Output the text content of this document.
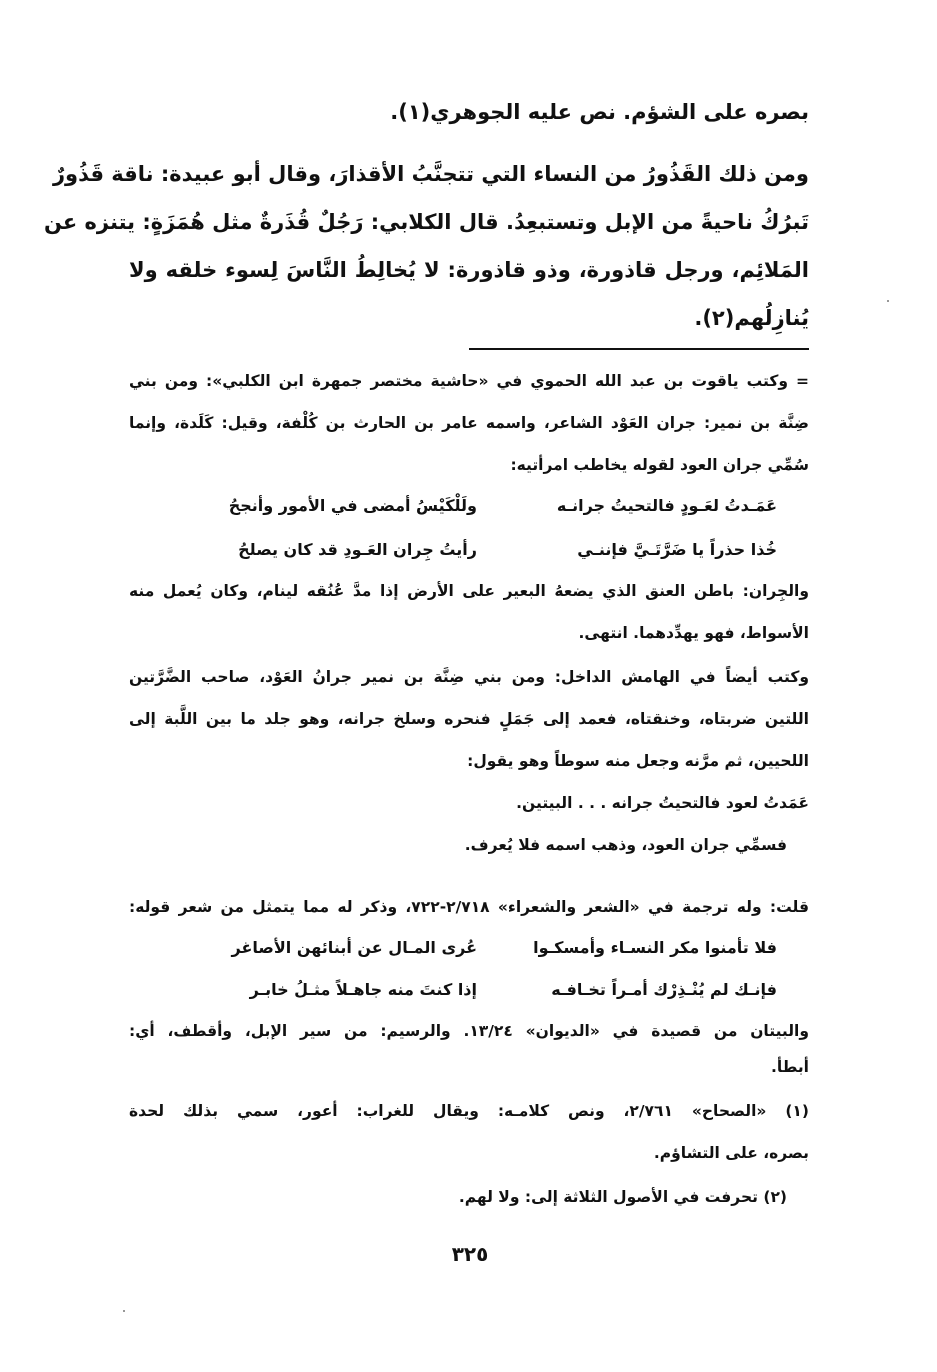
بصره على الشؤم. نص عليه الجوهري(١).
ومن ذلك القَذُورُ من النساء التي تتجنَّبُ الأقذارَ، وقال أبو عبيدة: ناقة قَذُورٌ
تَبرُكُ ناحيةً من الإبل وتستبعِدُ. قال الكلابي: رَجُلٌ قُذَرةٌ مثل هُمَزَةٍ: يتنزه عن
المَلائِم، ورجل قاذورة، وذو قاذورة: لا يُخالِطُ النَّاسَ لِسوء خلقه ولا
يُنازِلُهم(٢).
= وكتب ياقوت بن عبد الله الحموي في «حاشية مختصر جمهرة ابن الكلبي»: ومن بني
ضِنَّة بن نمير: جران العَوْد الشاعر، واسمه عامر بن الحارث بن كُلْفة، وقيل: كَلَدة، وإنما
سُمِّي جران العود لقوله يخاطب امرأتيه:
عَمَـدتُ لعَـودٍ فالتحيتُ جرانـه
ولَلْكَيْسُ أمضى في الأمور وأنجحُ
خُذا حذراً يا ضَرَّتَـيَّ فإننـي
رأيتُ جِران العَـودِ قد كان يصلحُ
والجِران: باطن العنق الذي يضعهُ البعير على الأرض إذا مدَّ عُنُقه لينام، وكان يُعمل منه
الأسواط، فهو يهدِّدهما. انتهى.
وكتب أيضاً في الهامش الداخل: ومن بني ضِنَّة بن نمير جرانُ العَوْد، صاحب الضَّرَّتين
اللتين ضربتاه، وخنقتاه، فعمد إلى جَمَلٍ فنحره وسلخ جرانه، وهو جلد ما بين اللَّبة إلى
اللحيين، ثم مرَّنه وجعل منه سوطاً وهو يقول:
عَمَدتُ لعود فالتحيتُ جرانه . . . البيتين.
فسمِّي جران العود، وذهب اسمه فلا يُعرف.
قلت: وله ترجمة في «الشعر والشعراء» ٢/٧١٨-٧٢٢، وذكر له مما يتمثل من شعر قوله:
فلا تأمنوا مكر النسـاء وأمسكـوا
عُرى المـال عن أبنائهن الأصاغر
فإنـك لم يُنْـذِرْك أمـراً تخـافـه
إذا كنتَ منه جاهـلاً مثـلُ خابـر
والبيتان من قصيدة في «الديوان» ١٣/٢٤. والرسيم: من سير الإبل، وأقطف، أي:
أبطأ.
(١) «الصحاح» ٢/٧٦١، ونص كلامـه: ويقال للغراب: أعور، سمي بذلك لحدة
بصره، على التشاؤم.
(٢) تحرفت في الأصول الثلاثة إلى: ولا لهم.
٣٢٥
